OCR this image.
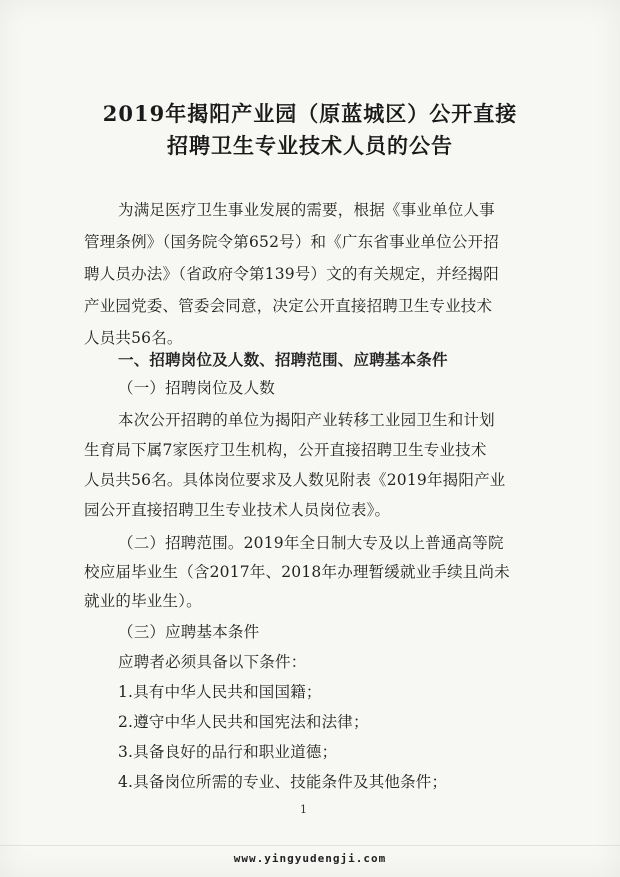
2019年揭阳产业园（原蓝城区）公开直接
招聘卫生专业技术人员的公告
为满足医疗卫生事业发展的需要，根据《事业单位人事
管理条例》（国务院令第652号）和《广东省事业单位公开招
聘人员办法》（省政府令第139号）文的有关规定，并经揭阳
产业园党委、管委会同意，决定公开直接招聘卫生专业技术
人员共56名。
一、招聘岗位及人数、招聘范围、应聘基本条件
（一）招聘岗位及人数
本次公开招聘的单位为揭阳产业转移工业园卫生和计划
生育局下属7家医疗卫生机构，公开直接招聘卫生专业技术
人员共56名。具体岗位要求及人数见附表《2019年揭阳产业
园公开直接招聘卫生专业技术人员岗位表》。
（二）招聘范围。2019年全日制大专及以上普通高等院
校应届毕业生（含2017年、2018年办理暂缓就业手续且尚未
就业的毕业生）。
（三）应聘基本条件
应聘者必须具备以下条件：
1.具有中华人民共和国国籍；
2.遵守中华人民共和国宪法和法律；
3.具备良好的品行和职业道德；
4.具备岗位所需的专业、技能条件及其他条件；
1
www.yingyudengji.com
